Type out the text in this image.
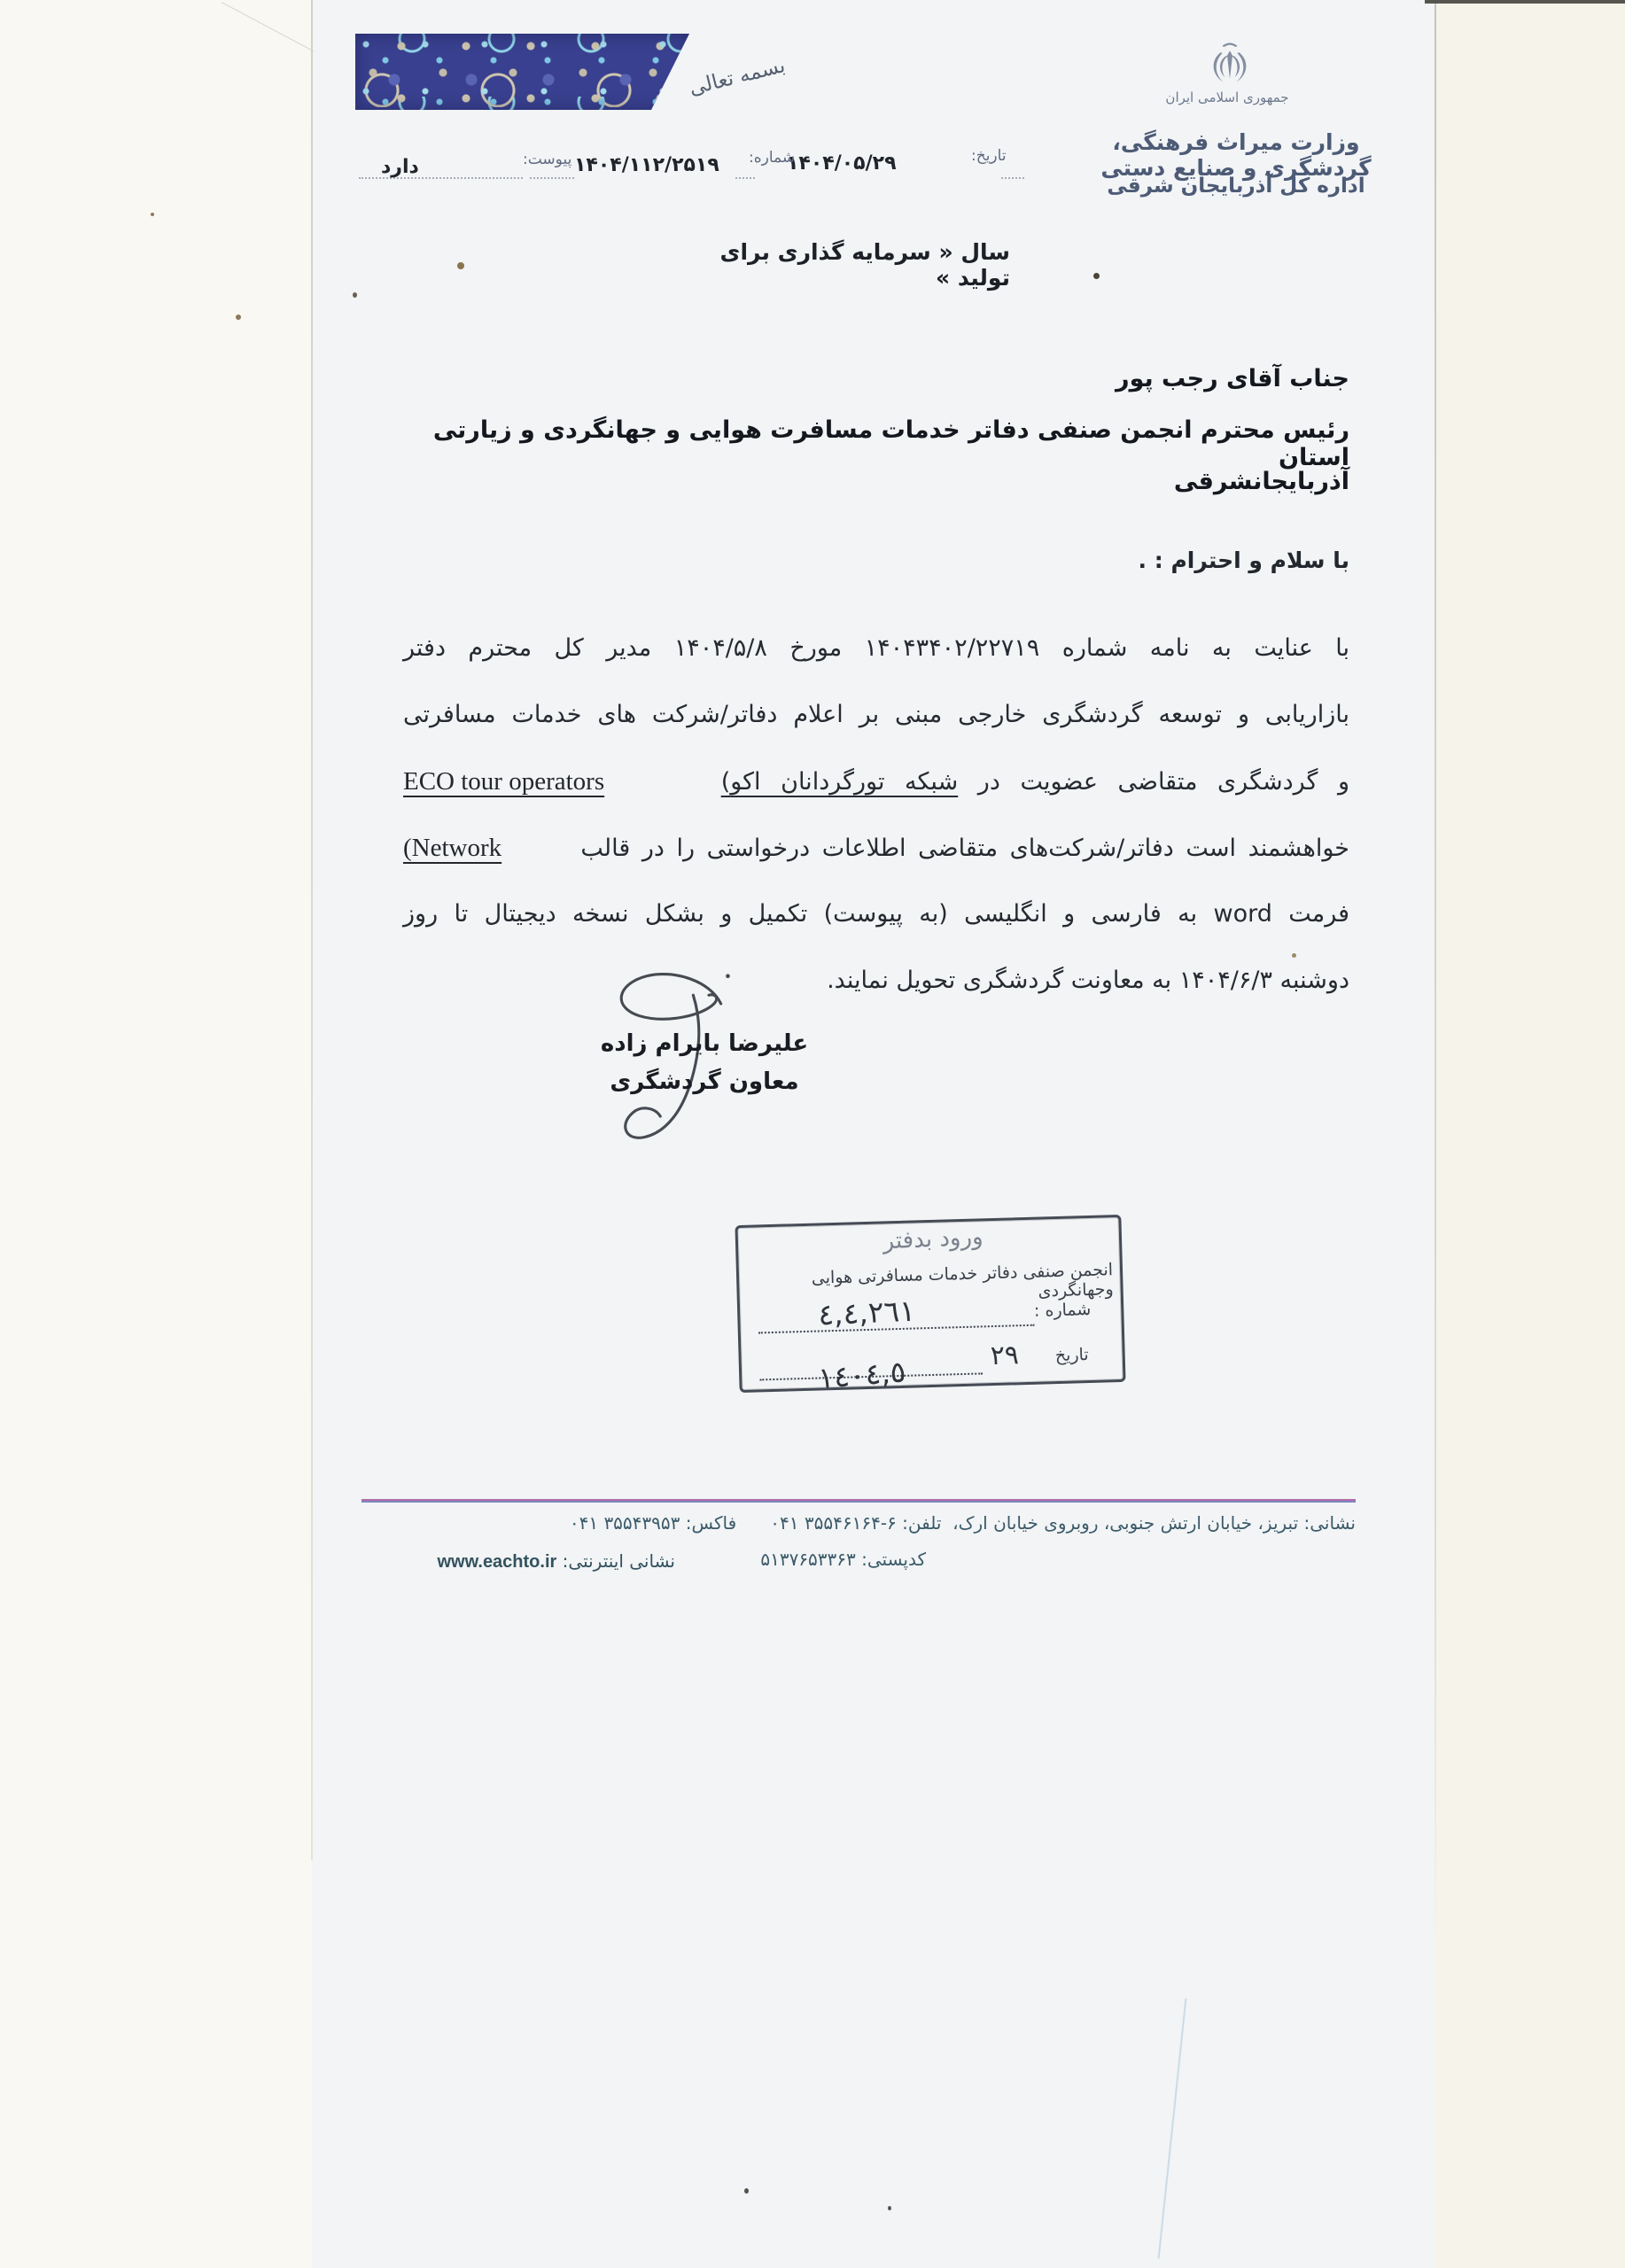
بسمه تعالی	جمهوری اسلامی ایران
وزارت میراث فرهنگی، گردشگری و صنایع دستی
اداره کل آذربایجان شرقی
تاریخ:
۱۴۰۴/۰۵/۲۹
شماره:
۱۴۰۴/۱۱۲/۲۵۱۹
پیوست:
دارد
سال « سرمایه گذاری برای تولید »
جناب آقای رجب پور
رئیس محترم انجمن صنفی دفاتر خدمات مسافرت هوایی و جهانگردی و زیارتی استان
آذربایجانشرقی
با سلام و احترام : .
با عنایت به نامه شماره ۱۴۰۴۳۴۰۲/۲۲۷۱۹ مورخ ۱۴۰۴/۵/۸ مدیر کل محترم دفتر
بازاریابی و توسعه گردشگری خارجی مبنی بر اعلام دفاتر/شرکت های خدمات مسافرتی
ECO tour operators	و گردشگری متقاضی عضویت در شبکه تورگردانان اکو(
(Network	خواهشمند است دفاتر/شرکت‌های متقاضی اطلاعات درخواستی را در قالب
فرمت word به فارسی و انگلیسی (به پیوست) تکمیل و بشکل نسخه دیجیتال تا روز
دوشنبه ۱۴۰۴/۶/۳ به معاونت گردشگری تحویل نمایند.
علیرضا بایرام زاده
معاون گردشگری
ورود بدفتر
انجمن صنفی دفاتر خدمات مسافرتی هوایی وجهانگردی
شماره :
٤,٤,٢٦١
تاریخ
٢٩
١٤٠٤,٥
نشانی: تبریز، خیابان ارتش جنوبی، روبروی خیابان ارک،  تلفن: ۶-۳۵۵۴۶۱۶۴ ۰۴۱      فاکس: ۳۵۵۴۳۹۵۳ ۰۴۱
کدپستی: ۵۱۳۷۶۵۳۳۶۳
نشانی اینترنتی: www.eachto.ir
